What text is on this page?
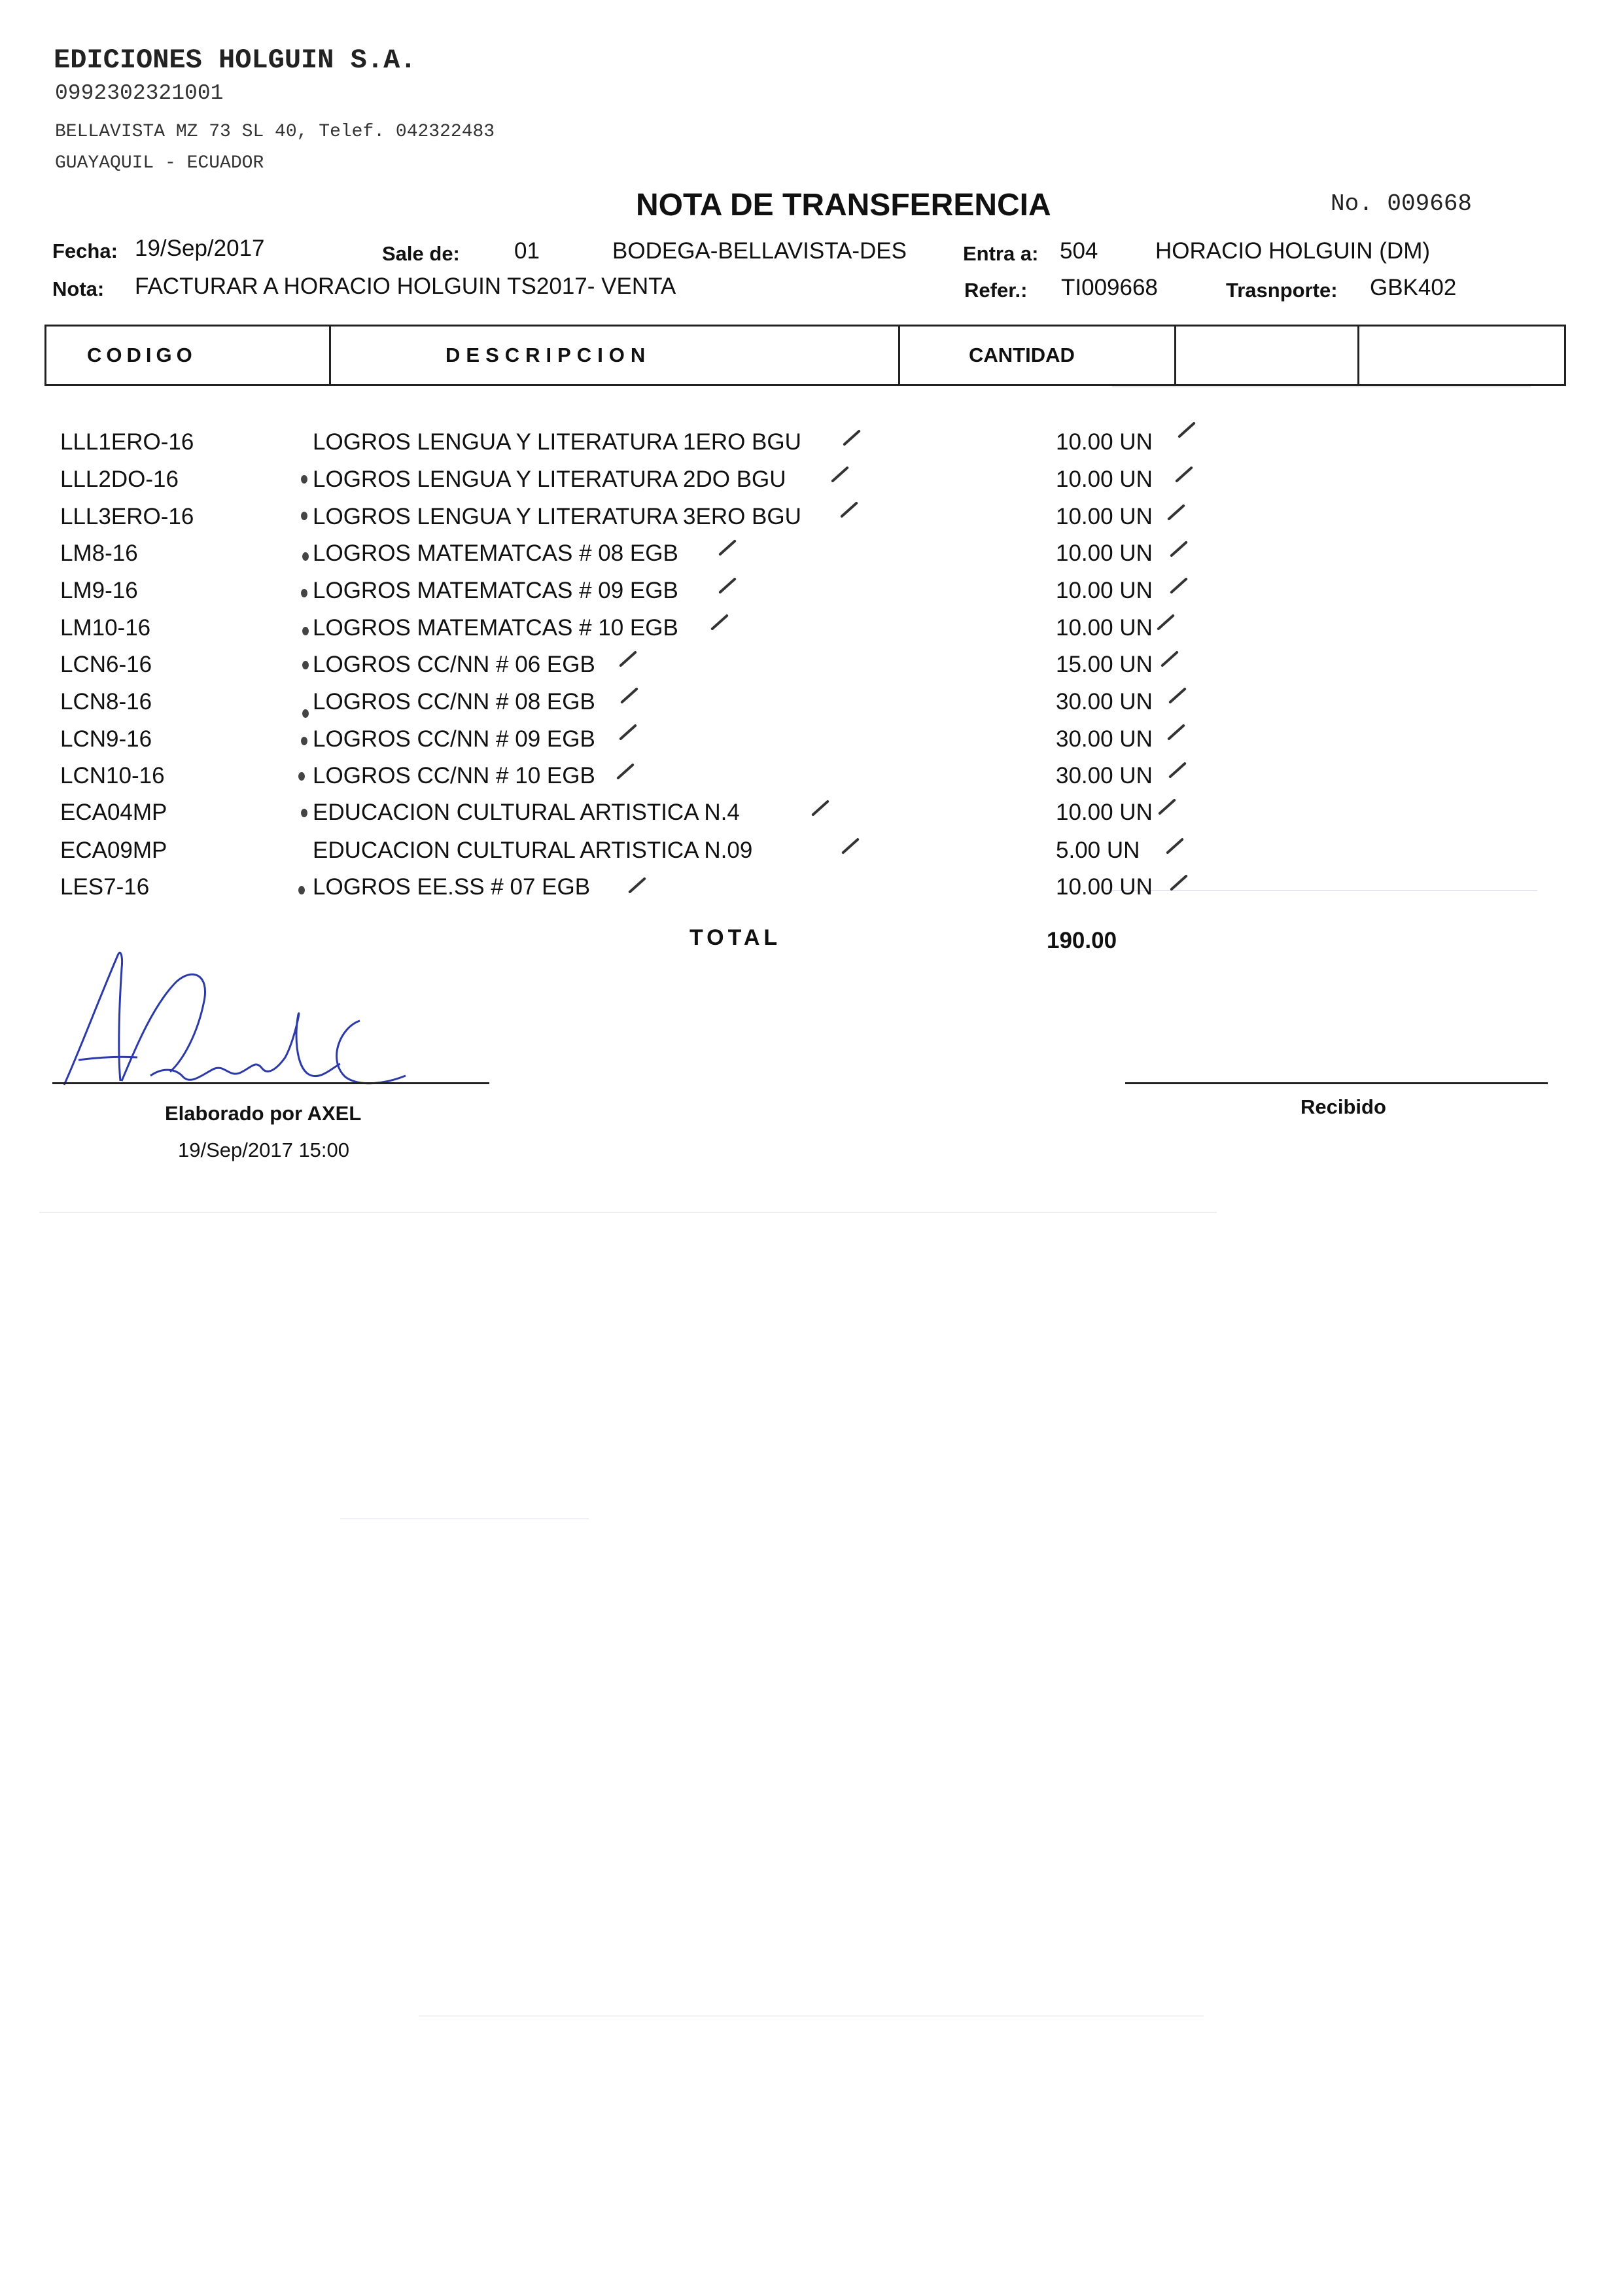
EDICIONES HOLGUIN S.A.
0992302321001
BELLAVISTA MZ 73 SL 40, Telef. 042322483
GUAYAQUIL - ECUADOR
NOTA DE TRANSFERENCIA	No. 009668
Fecha: 19/Sep/2017	Sale de: 01	BODEGA-BELLAVISTA-DES	Entra a: 504	HORACIO HOLGUIN (DM)
Nota: FACTURAR A HORACIO HOLGUIN TS2017- VENTA	Refer.: TI009668	Trasnporte: GBK402
CODIGO	DESCRIPCION	CANTIDAD
LLL1ERO-16	LOGROS LENGUA Y LITERATURA 1ERO BGU	10.00 UN
LLL2DO-16	LOGROS LENGUA Y LITERATURA 2DO BGU	10.00 UN
LLL3ERO-16	LOGROS LENGUA Y LITERATURA 3ERO BGU	10.00 UN
LM8-16	LOGROS MATEMATCAS # 08 EGB	10.00 UN
LM9-16	LOGROS MATEMATCAS # 09 EGB	10.00 UN
LM10-16	LOGROS MATEMATCAS # 10 EGB	10.00 UN
LCN6-16	LOGROS CC/NN # 06 EGB	15.00 UN
LCN8-16	LOGROS CC/NN # 08 EGB	30.00 UN
LCN9-16	LOGROS CC/NN # 09 EGB	30.00 UN
LCN10-16	LOGROS CC/NN # 10 EGB	30.00 UN
ECA04MP	EDUCACION CULTURAL ARTISTICA N.4	10.00 UN
ECA09MP	EDUCACION CULTURAL ARTISTICA N.09	5.00 UN
LES7-16	LOGROS EE.SS # 07 EGB	10.00 UN
TOTAL	190.00
Elaborado por AXEL
19/Sep/2017 15:00
Recibido
